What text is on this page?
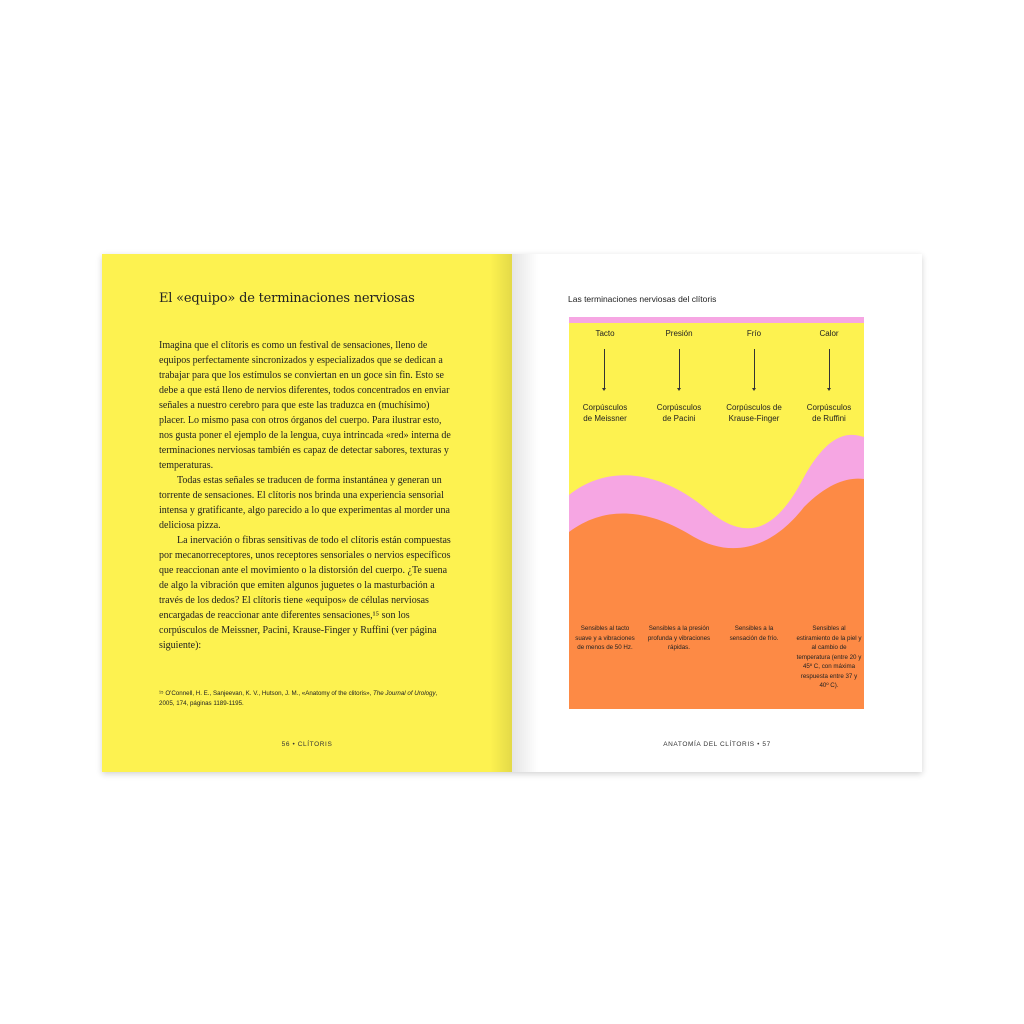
El «equipo» de terminaciones nerviosas

Imagina que el clítoris es como un festival de sensaciones, lleno de equipos perfectamente sincronizados y especializados que se dedican a trabajar para que los estímulos se conviertan en un goce sin fin. Esto se debe a que está lleno de nervios diferentes, todos concentrados en enviar señales a nuestro cerebro para que este las traduzca en (muchísimo) placer. Lo mismo pasa con otros órganos del cuerpo. Para ilustrar esto, nos gusta poner el ejemplo de la lengua, cuya intrincada «red» interna de terminaciones nerviosas también es capaz de detectar sabores, texturas y temperaturas.

Todas estas señales se traducen de forma instantánea y generan un torrente de sensaciones. El clítoris nos brinda una experiencia sensorial intensa y gratificante, algo parecido a lo que experimentas al morder una deliciosa pizza.

La inervación o fibras sensitivas de todo el clítoris están compuestas por mecanorreceptores, unos receptores sensoriales o nervios específicos que reaccionan ante el movimiento o la distorsión del cuerpo. ¿Te suena de algo la vibración que emiten algunos juguetes o la masturbación a través de los dedos? El clítoris tiene «equipos» de células nerviosas encargadas de reaccionar ante diferentes sensaciones,¹⁵ son los corpúsculos de Meissner, Pacini, Krause-Finger y Ruffini (ver página siguiente):

¹⁵ O'Connell, H. E., Sanjeevan, K. V., Hutson, J. M., «Anatomy of the clitoris», The Journal of Urology, 2005, 174, páginas 1189-1195.
56 • CLÍTORIS
Las terminaciones nerviosas del clítoris
Tacto	Presión	Frío	Calor
Corpúsculos
de Meissner
Corpúsculos
de Pacini
Corpúsculos de
Krause-Finger
Corpúsculos
de Ruffini
Sensibles al tacto suave y a vibraciones de menos de 50 Hz.
Sensibles a la presión profunda y vibraciones rápidas.
Sensibles a la sensación de frío.
Sensibles al estiramiento de la piel y al cambio de temperatura (entre 20 y 45º C, con máxima respuesta entre 37 y 40º C).
ANATOMÍA DEL CLÍTORIS • 57
